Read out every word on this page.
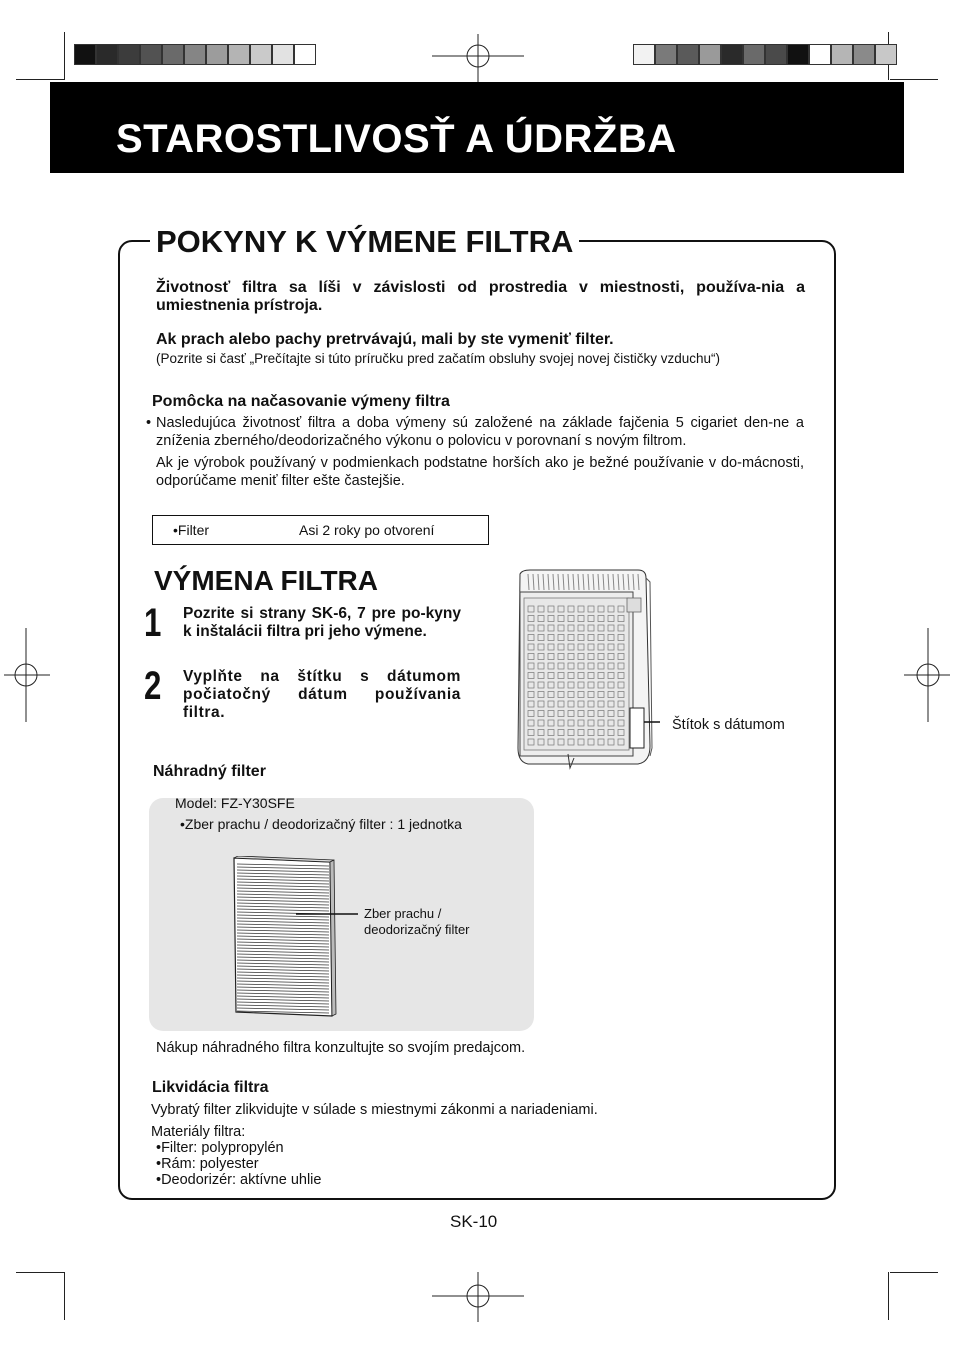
STAROSTLIVOSŤ A ÚDRŽBA
POKYNY K VÝMENE FILTRA
Životnosť filtra sa líši v závislosti od prostredia v miestnosti, používa-nia a umiestnenia prístroja.
Ak prach alebo pachy pretrvávajú, mali by ste vymeniť filter.
(Pozrite si časť „Prečítajte si túto príručku pred začatím obsluhy svojej novej čističky vzduchu“)
Pomôcka na načasovanie výmeny filtra
• Nasledujúca životnosť filtra a doba výmeny sú založené na základe fajčenia 5 cigariet den-ne a zníženia zberného/deodorizačného výkonu o polovicu v porovnaní s novým filtrom.
Ak je výrobok používaný v podmienkach podstatne horších ako je bežné používanie v do-mácnosti, odporúčame meniť filter ešte častejšie.
•Filter	Asi 2 roky po otvorení
VÝMENA FILTRA
1 Pozrite si strany SK-6, 7 pre po-kyny k inštalácii filtra pri jeho výmene.
2 Vyplňte na štítku s dátumom počiatočný dátum používania filtra.
Štítok s dátumom
Náhradný filter
Model: FZ-Y30SFE
•Zber prachu / deodorizačný filter : 1 jednotka
Zber prachu /
deodorizačný filter
Nákup náhradného filtra konzultujte so svojím predajcom.
Likvidácia filtra
Vybratý filter zlikvidujte v súlade s miestnymi zákonmi a nariadeniami.
Materiály filtra:
•Filter: polypropylén
•Rám: polyester
•Deodorizér: aktívne uhlie
SK-10
